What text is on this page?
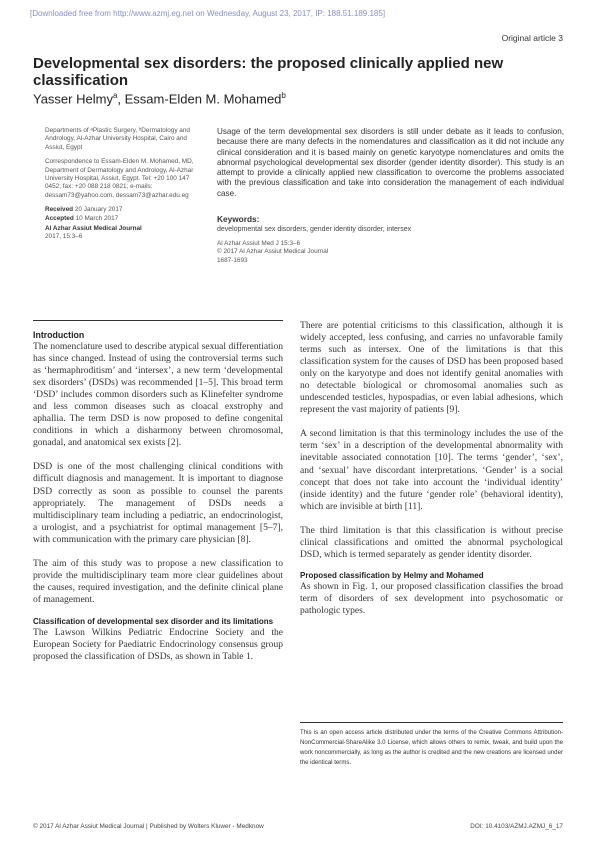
[Downloaded free from http://www.azmj.eg.net on Wednesday, August 23, 2017, IP: 188.51.189.185]
Original article 3
Developmental sex disorders: the proposed clinically applied new classification
Yasser Helmy$^a$, Essam-Elden M. Mohamed$^b$

Departments of ᵃPlastic Surgery, ᵇDermatology and Andrology, Al-Azhar University Hospital, Cairo and Assiut, Egypt

Correspondence to Essam-Elden M. Mohamed, MD, Department of Dermatology and Andrology, Al-Azhar University Hospital, Assiut, Egypt. Tel: +20 100 147 0452; fax: +20 088 218 0821; e-mails: dessam73@yahoo.com, dessam73@azhar.edu.eg

Received 20 January 2017
Accepted 10 March 2017

Al Azhar Assiut Medical Journal
2017, 15:3–6

Usage of the term developmental sex disorders is still under debate as it leads to confusion, because there are many defects in the nomendatures and classification as it did not include any clinical consideration and it is based mainly on genetic karyotype nomenclatures and omits the abnormal psychological developmental sex disorder (gender identity disorder). This study is an attempt to provide a clinically applied new classification to overcome the problems associated with the previous classification and take into consideration the management of each individual case.
Keywords:
developmental sex disorders, gender identity disorder, intersex
Al Azhar Assiut Med J 15:3–6
© 2017 Al Azhar Assiut Medical Journal
1687-1693
Introduction

The nomenclature used to describe atypical sexual differentiation has since changed. Instead of using the controversial terms such as ‘hermaphroditism’ and ‘intersex’, a new term ‘developmental sex disorders’ (DSDs) was recommended [1–5]. This broad term ‘DSD’ includes common disorders such as Klinefelter syndrome and less common diseases such as cloacal exstrophy and aphallia. The term DSD is now proposed to define congenital conditions in which a disharmony between chromosomal, gonadal, and anatomical sex exists [2].

DSD is one of the most challenging clinical conditions with difficult diagnosis and management. It is important to diagnose DSD correctly as soon as possible to counsel the parents appropriately. The management of DSDs needs a multidisciplinary team including a pediatric, an endocrinologist, a urologist, and a psychiatrist for optimal management [5–7], with communication with the primary care physician [8].

The aim of this study was to propose a new classification to provide the multidisciplinary team more clear guidelines about the causes, required investigation, and the definite clinical plane of management.

Classification of developmental sex disorder and its limitations

The Lawson Wilkins Pediatric Endocrine Society and the European Society for Paediatric Endocrinology consensus group proposed the classification of DSDs, as shown in Table 1.

There are potential criticisms to this classification, although it is widely accepted, less confusing, and carries no unfavorable family terms such as intersex. One of the limitations is that this classification system for the causes of DSD has been proposed based only on the karyotype and does not identify genital anomalies with no detectable biological or chromosomal anomalies such as undescended testicles, hypospadias, or even labial adhesions, which represent the vast majority of patients [9].

A second limitation is that this terminology includes the use of the term ‘sex’ in a description of the developmental abnormality with inevitable associated connotation [10]. The terms ‘gender’, ‘sex’, and ‘sexual’ have discordant interpretations. ‘Gender’ is a social concept that does not take into account the ‘individual identity’ (inside identity) and the future ‘gender role’ (behavioral identity), which are invisible at birth [11].

The third limitation is that this classification is without precise clinical classifications and omitted the abnormal psychological DSD, which is termed separately as gender identity disorder.

Proposed classification by Helmy and Mohamed

As shown in Fig. 1, our proposed classification classifies the broad term of disorders of sex development into psychosomatic or pathologic types.

This is an open access article distributed under the terms of the Creative Commons Attribution-NonCommercial-ShareAlike 3.0 License, which allows others to remix, tweak, and build upon the work noncommercially, as long as the author is credited and the new creations are licensed under the identical terms.
© 2017 Al Azhar Assiut Medical Journal | Published by Wolters Kluwer - Medknow	DOI: 10.4103/AZMJ.AZMJ_6_17
